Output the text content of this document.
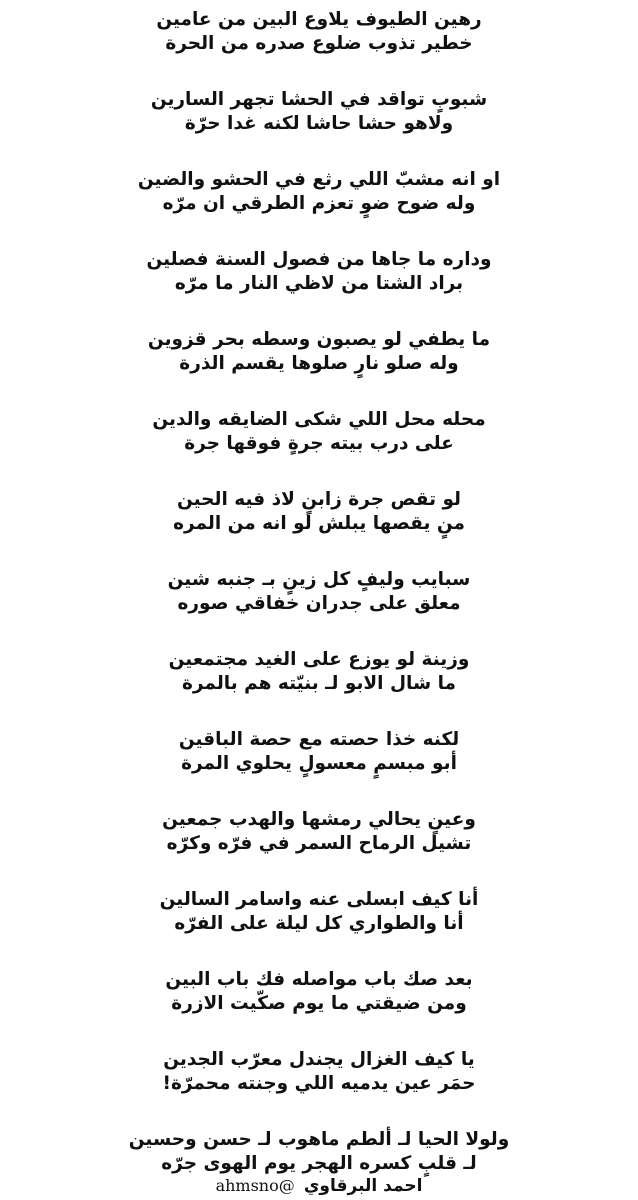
رهين الطيوف يلاوع البين من عامين
خطير تذوب ضلوع صدره من الحرة
شبوبٍ تواقد في الحشا تجهر السارين
ولاهو حشا حاشا لكنه غدا حرّة
او انه مشبّ اللي رثع في الحشو والضين
وله ضوح ضوٍ تعزم الطرقي ان مرّه
وداره ما جاها من فصول السنة فصلين
براد الشتا من لاظي النار ما مرّه
ما يطفي لو يصبون وسطه بحر قزوين
وله صلو نارٍ صلوها يقسم الذرة
محله محل اللي شكى الضايقه والدين
على درب بيته جرةٍ فوقها جرة
لو تقص جرة زابنٍ لاذ فيه الحين
منٍ يقصها يبلش لو انه من المره
سبايب وليفٍ كل زينٍ بـ جنبه شين
معلق على جدران خفاقي صوره
وزينة لو يوزع على الغيد مجتمعين
ما شال الابو لـ بنيّته هم بالمرة
لكنه خذا حصته مع حصة الباقين
أبو مبسمٍ معسولٍ يحلوي المرة
وعينٍ يحالي رمشها والهدب جمعين
تشيل الرماح السمر في فرّه وكرّه
أنا كيف ابسلى عنه واسامر السالين
أنا والطواري كل ليلة على الفرّه
بعد صك باب مواصله فك باب البين
ومن ضيقتي ما يوم صكّيت الازرة
يا كيف الغزال يجندل معرّب الجدين
حمَر عين يدميه اللي وجنته محمرّة!
ولولا الحيا لـ ألطم ماهوب لـ حسن وحسين
لـ قلبٍ كسره الهجر يوم الهوى جرّه
ahmsno@ احمد البرقاوي
